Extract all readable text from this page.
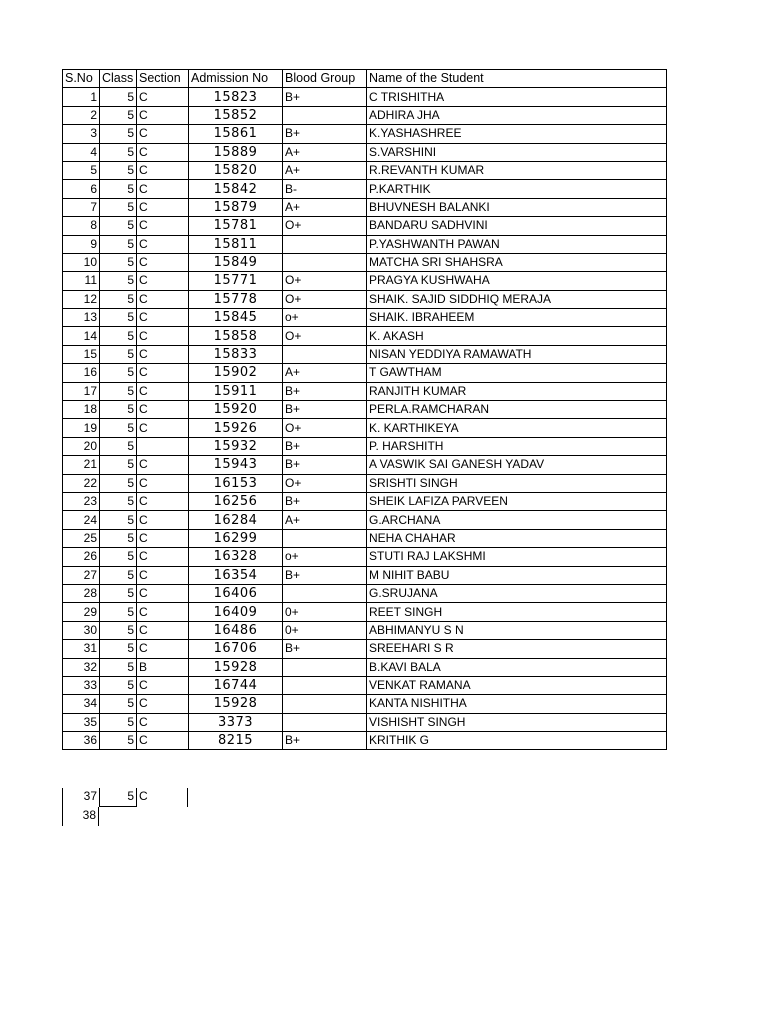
S.No	Class	Section	Admission No	Blood Group	Name of the Student
1	5	C	15823	B+	C TRISHITHA
2	5	C	15852		ADHIRA JHA
3	5	C	15861	B+	K.YASHASHREE
4	5	C	15889	A+	S.VARSHINI
5	5	C	15820	A+	R.REVANTH KUMAR
6	5	C	15842	B-	P.KARTHIK
7	5	C	15879	A+	BHUVNESH BALANKI
8	5	C	15781	O+	BANDARU SADHVINI
9	5	C	15811		P.YASHWANTH PAWAN
10	5	C	15849		MATCHA SRI SHAHSRA
11	5	C	15771	O+	PRAGYA KUSHWAHA
12	5	C	15778	O+	SHAIK. SAJID SIDDHIQ MERAJA
13	5	C	15845	o+	SHAIK. IBRAHEEM
14	5	C	15858	O+	K. AKASH
15	5	C	15833		NISAN YEDDIYA RAMAWATH
16	5	C	15902	A+	T GAWTHAM
17	5	C	15911	B+	RANJITH KUMAR
18	5	C	15920	B+	PERLA.RAMCHARAN
19	5	C	15926	O+	K. KARTHIKEYA
20	5		15932	B+	P. HARSHITH
21	5	C	15943	B+	A VASWIK SAI GANESH YADAV
22	5	C	16153	O+	SRISHTI SINGH
23	5	C	16256	B+	SHEIK LAFIZA PARVEEN
24	5	C	16284	A+	G.ARCHANA
25	5	C	16299		NEHA CHAHAR
26	5	C	16328	o+	STUTI RAJ LAKSHMI
27	5	C	16354	B+	M NIHIT BABU
28	5	C	16406		G.SRUJANA
29	5	C	16409	0+	REET SINGH
30	5	C	16486	0+	ABHIMANYU S N
31	5	C	16706	B+	SREEHARI S R
32	5	B	15928		B.KAVI BALA
33	5	C	16744		VENKAT RAMANA
34	5	C	15928		KANTA NISHITHA
35	5	C	3373		VISHISHT SINGH
36	5	C	8215	B+	KRITHIK G
37	5 C
38
